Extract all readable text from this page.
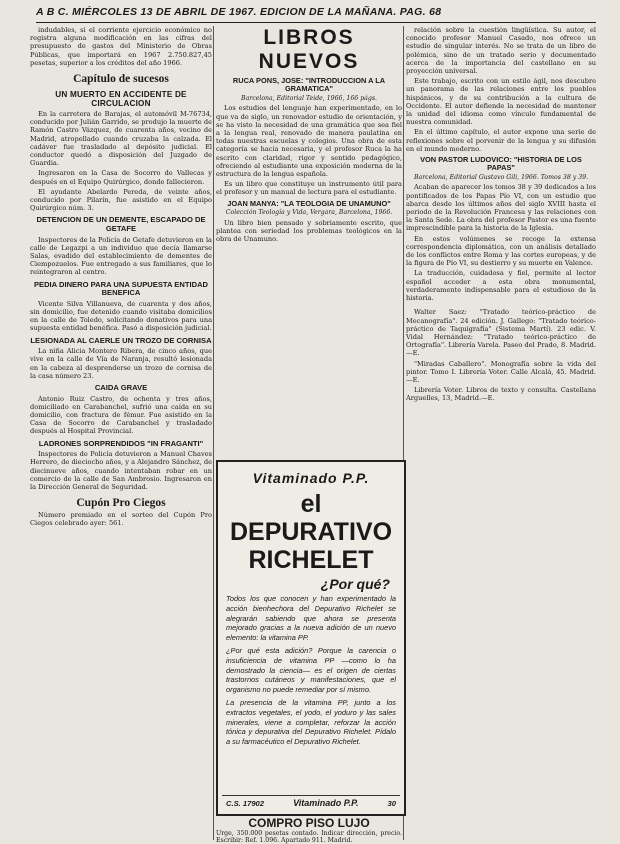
A B C. MIÉRCOLES 13 DE ABRIL DE 1967. EDICION DE LA MAÑANA. PAG. 68

indudables, si el corriente ejercicio económico no registra alguna modificación en las cifras del presupuesto de gastos del Ministerio de Obras Públicas, que importará en 1967 2.750.827,45 pesetas, superior a los créditos del año 1966.

Capítulo de sucesos
UN MUERTO EN ACCIDENTE DE CIRCULACION

En la carretera de Barajas, el automóvil M-76734, conducido por Julián Garrido, se produjo la muerte de Ramón Castro Vázquez, de cuarenta años, vecino de Madrid, atropellado cuando cruzaba la calzada. El cadáver fue trasladado al depósito judicial. El conductor quedó a disposición del Juzgado de Guardia.

Ingresaron en la Casa de Socorro de Vallecas y después en el Equipo Quirúrgico, donde fallecieron.

El ayudante Abelardo Pereda, de veinte años, conducido por Pilarín, fue asistido en el Equipo Quirúrgico núm. 3.

DETENCION DE UN DEMENTE, ESCAPADO DE GETAFE

Inspectores de la Policía de Getafe detuvieron en la calle de Legazpi a un individuo que decía llamarse Salas, evadido del establecimiento de dementes de Ciempozuelos. Fue entregado a sus familiares, que lo reintegraron al centro.

PEDIA DINERO PARA UNA SUPUESTA ENTIDAD BENEFICA

Vicente Silva Villanueva, de cuarenta y dos años, sin domicilio, fue detenido cuando visitaba domicilios en la calle de Toledo, solicitando donativos para una supuesta entidad benéfica. Pasó a disposición judicial.

LESIONADA AL CAERLE UN TROZO DE CORNISA

La niña Alicia Montero Ribera, de cinco años, que vive en la calle de Vía de Naranja, resultó lesionada en la cabeza al desprenderse un trozo de cornisa de la casa número 23.

CAIDA GRAVE

Antonio Ruiz Castro, de ochenta y tres años, domiciliado en Carabanchel, sufrió una caída en su domicilio, con fractura de fémur. Fue asistido en la Casa de Socorro de Carabanchel y trasladado después al Hospital Provincial.

LADRONES SORPRENDIDOS "IN FRAGANTI"

Inspectores de Policía detuvieron a Manuel Chaves Herrero, de dieciocho años, y a Alejandro Sánchez, de diecinueve años, cuando intentaban robar en un comercio de la calle de San Ambrosio. Ingresaron en la Dirección General de Seguridad.

Cupón Pro Ciegos

Número premiado en el sorteo del Cupón Pro Ciegos celebrado ayer: 561.

LIBROS NUEVOS
RUCA PONS, JOSE: "INTRODUCCION A LA GRAMATICA"
Barcelona, Editorial Teide, 1966, 166 págs.

Los estudios del lenguaje han experimentado, en lo que va de siglo, un renovador estudio de orientación, y se ha visto la necesidad de una gramática que sea fiel a la lengua real, renovado de manera paulatina en todas nuestras escuelas y colegios. Una obra de esta categoría se hacía necesaria, y el profesor Ruca la ha escrito con claridad, rigor y sentido pedagógico, ofreciendo al estudiante una exposición moderna de la estructura de la lengua española.

Es un libro que constituye un instrumento útil para el profesor y un manual de lectura para el estudiante.

JOAN MANYA: "LA TEOLOGIA DE UNAMUNO"
Colección Teología y Vida, Vergara, Barcelona, 1966.

Un libro bien pensado y sobriamente escrito, que plantea con seriedad los problemas teológicos en la obra de Unamuno.

Vitaminado P.P.
el DEPURATIVO
RICHELET
¿Por qué?

Todos los que conocen y han experimentado la acción bienhechora del Depurativo Richelet se alegrarán sabiendo que ahora se presenta mejorado gracias a la nueva adición de un nuevo elemento: la vitamina PP.

¿Por qué esta adición? Porque la carencia o insuficiencia de vitamina PP —como lo ha demostrado la ciencia— es el origen de ciertas trastornos cutáneos y manifestaciones, que el organismo no puede remediar por sí mismo.

La presencia de la vitamina PP, junto a los extractos vegetales, el yodo, el yoduro y las sales minerales, viene a completar, reforzar la acción tónica y depurativa del Depurativo Richelet. Pídalo a su farmacéutico el Depurativo Richelet.

C.S. 17902	Vitaminado P.P.	30
COMPRO PISO LUJO

Urge, 350.000 pesetas contado. Indicar dirección, precio. Escribir: Ref. 1.096. Apartado 911. Madrid.

relación sobre la cuestión lingüística. Su autor, el conocido profesor Manuel Casado, nos ofrece un estudio de singular interés. No se trata de un libro de polémica, sino de un tratado serio y documentado acerca de la importancia del castellano en su proyección universal.

Este trabajo, escrito con un estilo ágil, nos descubre un panorama de las relaciones entre los pueblos hispánicos, y de su contribución a la cultura de Occidente. El autor defiende la necesidad de mantener la unidad del idioma como vínculo fundamental de nuestra comunidad.

En el último capítulo, el autor expone una serie de reflexiones sobre el porvenir de la lengua y su difusión en el mundo moderno.

VON PASTOR LUDOVICO: "HISTORIA DE LOS PAPAS"
Barcelona, Editorial Gustavo Gili, 1966. Tomos 38 y 39.

Acaban de aparecer los tomos 38 y 39 dedicados a los pontificados de los Papas Pío VI, con un estudio que abarca desde los últimos años del siglo XVIII hasta el periodo de la Revolución Francesa y las relaciones con la Santa Sede. La obra del profesor Pastor es una fuente imprescindible para la historia de la Iglesia.

En estos volúmenes se recoge la extensa correspondencia diplomática, con un análisis detallado de los conflictos entre Roma y las cortes europeas, y de la figura de Pío VI, su destierro y su muerte en Valence.

La traducción, cuidadosa y fiel, permite al lector español acceder a esta obra monumental, verdaderamente indispensable para el estudioso de la historia.

Walter Saez: "Tratado teórico-práctico de Mecanografía". 24 edición. J. Gallego: "Tratado teórico-práctico de Taquigrafía" (Sistema Martí). 23 edic. V. Vidal Hernández: "Tratado teórico-práctico de Ortografía". Librería Varela. Paseo del Prado, 8. Madrid.—E.

"Miradas Caballero". Monografía sobre la vida del pintor. Tomo I. Librería Voter. Calle Alcalá, 45. Madrid.—E.

Librería Voter. Libros de texto y consulta. Castellana Arguelles, 13, Madrid.—E.
